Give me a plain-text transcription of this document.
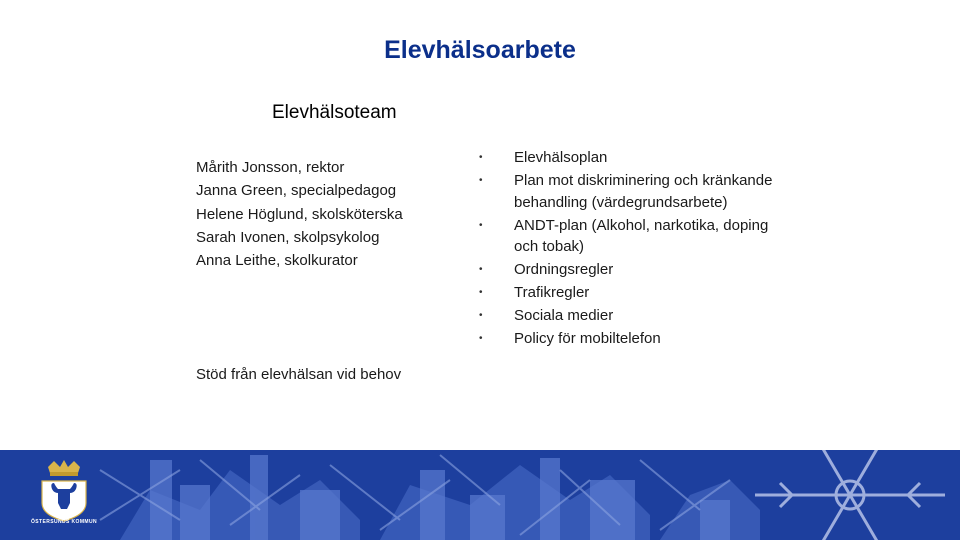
Elevhälsoarbete
Elevhälsoteam
Mårith Jonsson, rektor
Janna Green, specialpedagog
Helene Höglund, skolsköterska
Sarah Ivonen, skolpsykolog
Anna Leithe, skolkurator
Stöd från elevhälsan vid behov
• Elevhälsoplan
• Plan mot diskriminering och kränkande behandling (värdegrundsarbete)
• ANDT-plan (Alkohol, narkotika, doping och tobak)
• Ordningsregler
• Trafikregler
• Sociala medier
• Policy för mobiltelefon
ÖSTERSUNDS KOMMUN
